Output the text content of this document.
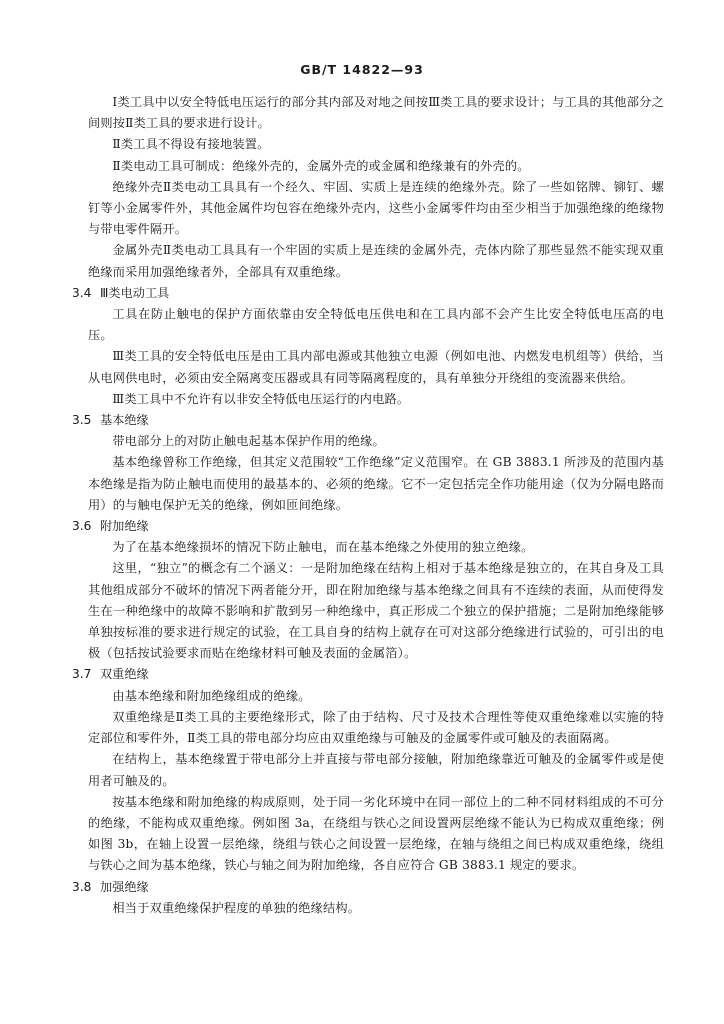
GB/T 14822—93

Ⅰ类工具中以安全特低电压运行的部分其内部及对地之间按Ⅲ类工具的要求设计；与工具的其他部分之间则按Ⅱ类工具的要求进行设计。

Ⅱ类工具不得设有接地装置。

Ⅱ类电动工具可制成：绝缘外壳的，金属外壳的或金属和绝缘兼有的外壳的。

绝缘外壳Ⅱ类电动工具具有一个经久、牢固、实质上是连续的绝缘外壳。除了一些如铭牌、铆钉、螺钉等小金属零件外，其他金属件均包容在绝缘外壳内，这些小金属零件均由至少相当于加强绝缘的绝缘物与带电零件隔开。

金属外壳Ⅱ类电动工具具有一个牢固的实质上是连续的金属外壳，壳体内除了那些显然不能实现双重绝缘而采用加强绝缘者外，全部具有双重绝缘。

3.4 Ⅲ类电动工具

工具在防止触电的保护方面依靠由安全特低电压供电和在工具内部不会产生比安全特低电压高的电压。

Ⅲ类工具的安全特低电压是由工具内部电源或其他独立电源（例如电池、内燃发电机组等）供给，当从电网供电时，必须由安全隔离变压器或具有同等隔离程度的，具有单独分开绕组的变流器来供给。

Ⅲ类工具中不允许有以非安全特低电压运行的内电路。

3.5 基本绝缘

带电部分上的对防止触电起基本保护作用的绝缘。

基本绝缘曾称工作绝缘，但其定义范围较“工作绝缘”定义范围窄。在 GB 3883.1 所涉及的范围内基本绝缘是指为防止触电而使用的最基本的、必须的绝缘。它不一定包括完全作功能用途（仅为分隔电路而用）的与触电保护无关的绝缘，例如匝间绝缘。

3.6 附加绝缘

为了在基本绝缘损坏的情况下防止触电，而在基本绝缘之外使用的独立绝缘。

这里，“独立”的概念有二个涵义：一是附加绝缘在结构上相对于基本绝缘是独立的，在其自身及工具其他组成部分不破坏的情况下两者能分开，即在附加绝缘与基本绝缘之间具有不连续的表面，从而使得发生在一种绝缘中的故障不影响和扩散到另一种绝缘中，真正形成二个独立的保护措施；二是附加绝缘能够单独按标准的要求进行规定的试验，在工具自身的结构上就存在可对这部分绝缘进行试验的，可引出的电极（包括按试验要求而贴在绝缘材料可触及表面的金属箔）。

3.7 双重绝缘

由基本绝缘和附加绝缘组成的绝缘。

双重绝缘是Ⅱ类工具的主要绝缘形式，除了由于结构、尺寸及技术合理性等使双重绝缘难以实施的特定部位和零件外，Ⅱ类工具的带电部分均应由双重绝缘与可触及的金属零件或可触及的表面隔离。

在结构上，基本绝缘置于带电部分上并直接与带电部分接触，附加绝缘靠近可触及的金属零件或是使用者可触及的。

按基本绝缘和附加绝缘的构成原则，处于同一劣化环境中在同一部位上的二种不同材料组成的不可分的绝缘，不能构成双重绝缘。例如图 3a，在绕组与铁心之间设置两层绝缘不能认为已构成双重绝缘；例如图 3b，在轴上设置一层绝缘，绕组与铁心之间设置一层绝缘，在轴与绕组之间已构成双重绝缘，绕组与铁心之间为基本绝缘，铁心与轴之间为附加绝缘，各自应符合 GB 3883.1 规定的要求。

3.8 加强绝缘

相当于双重绝缘保护程度的单独的绝缘结构。
